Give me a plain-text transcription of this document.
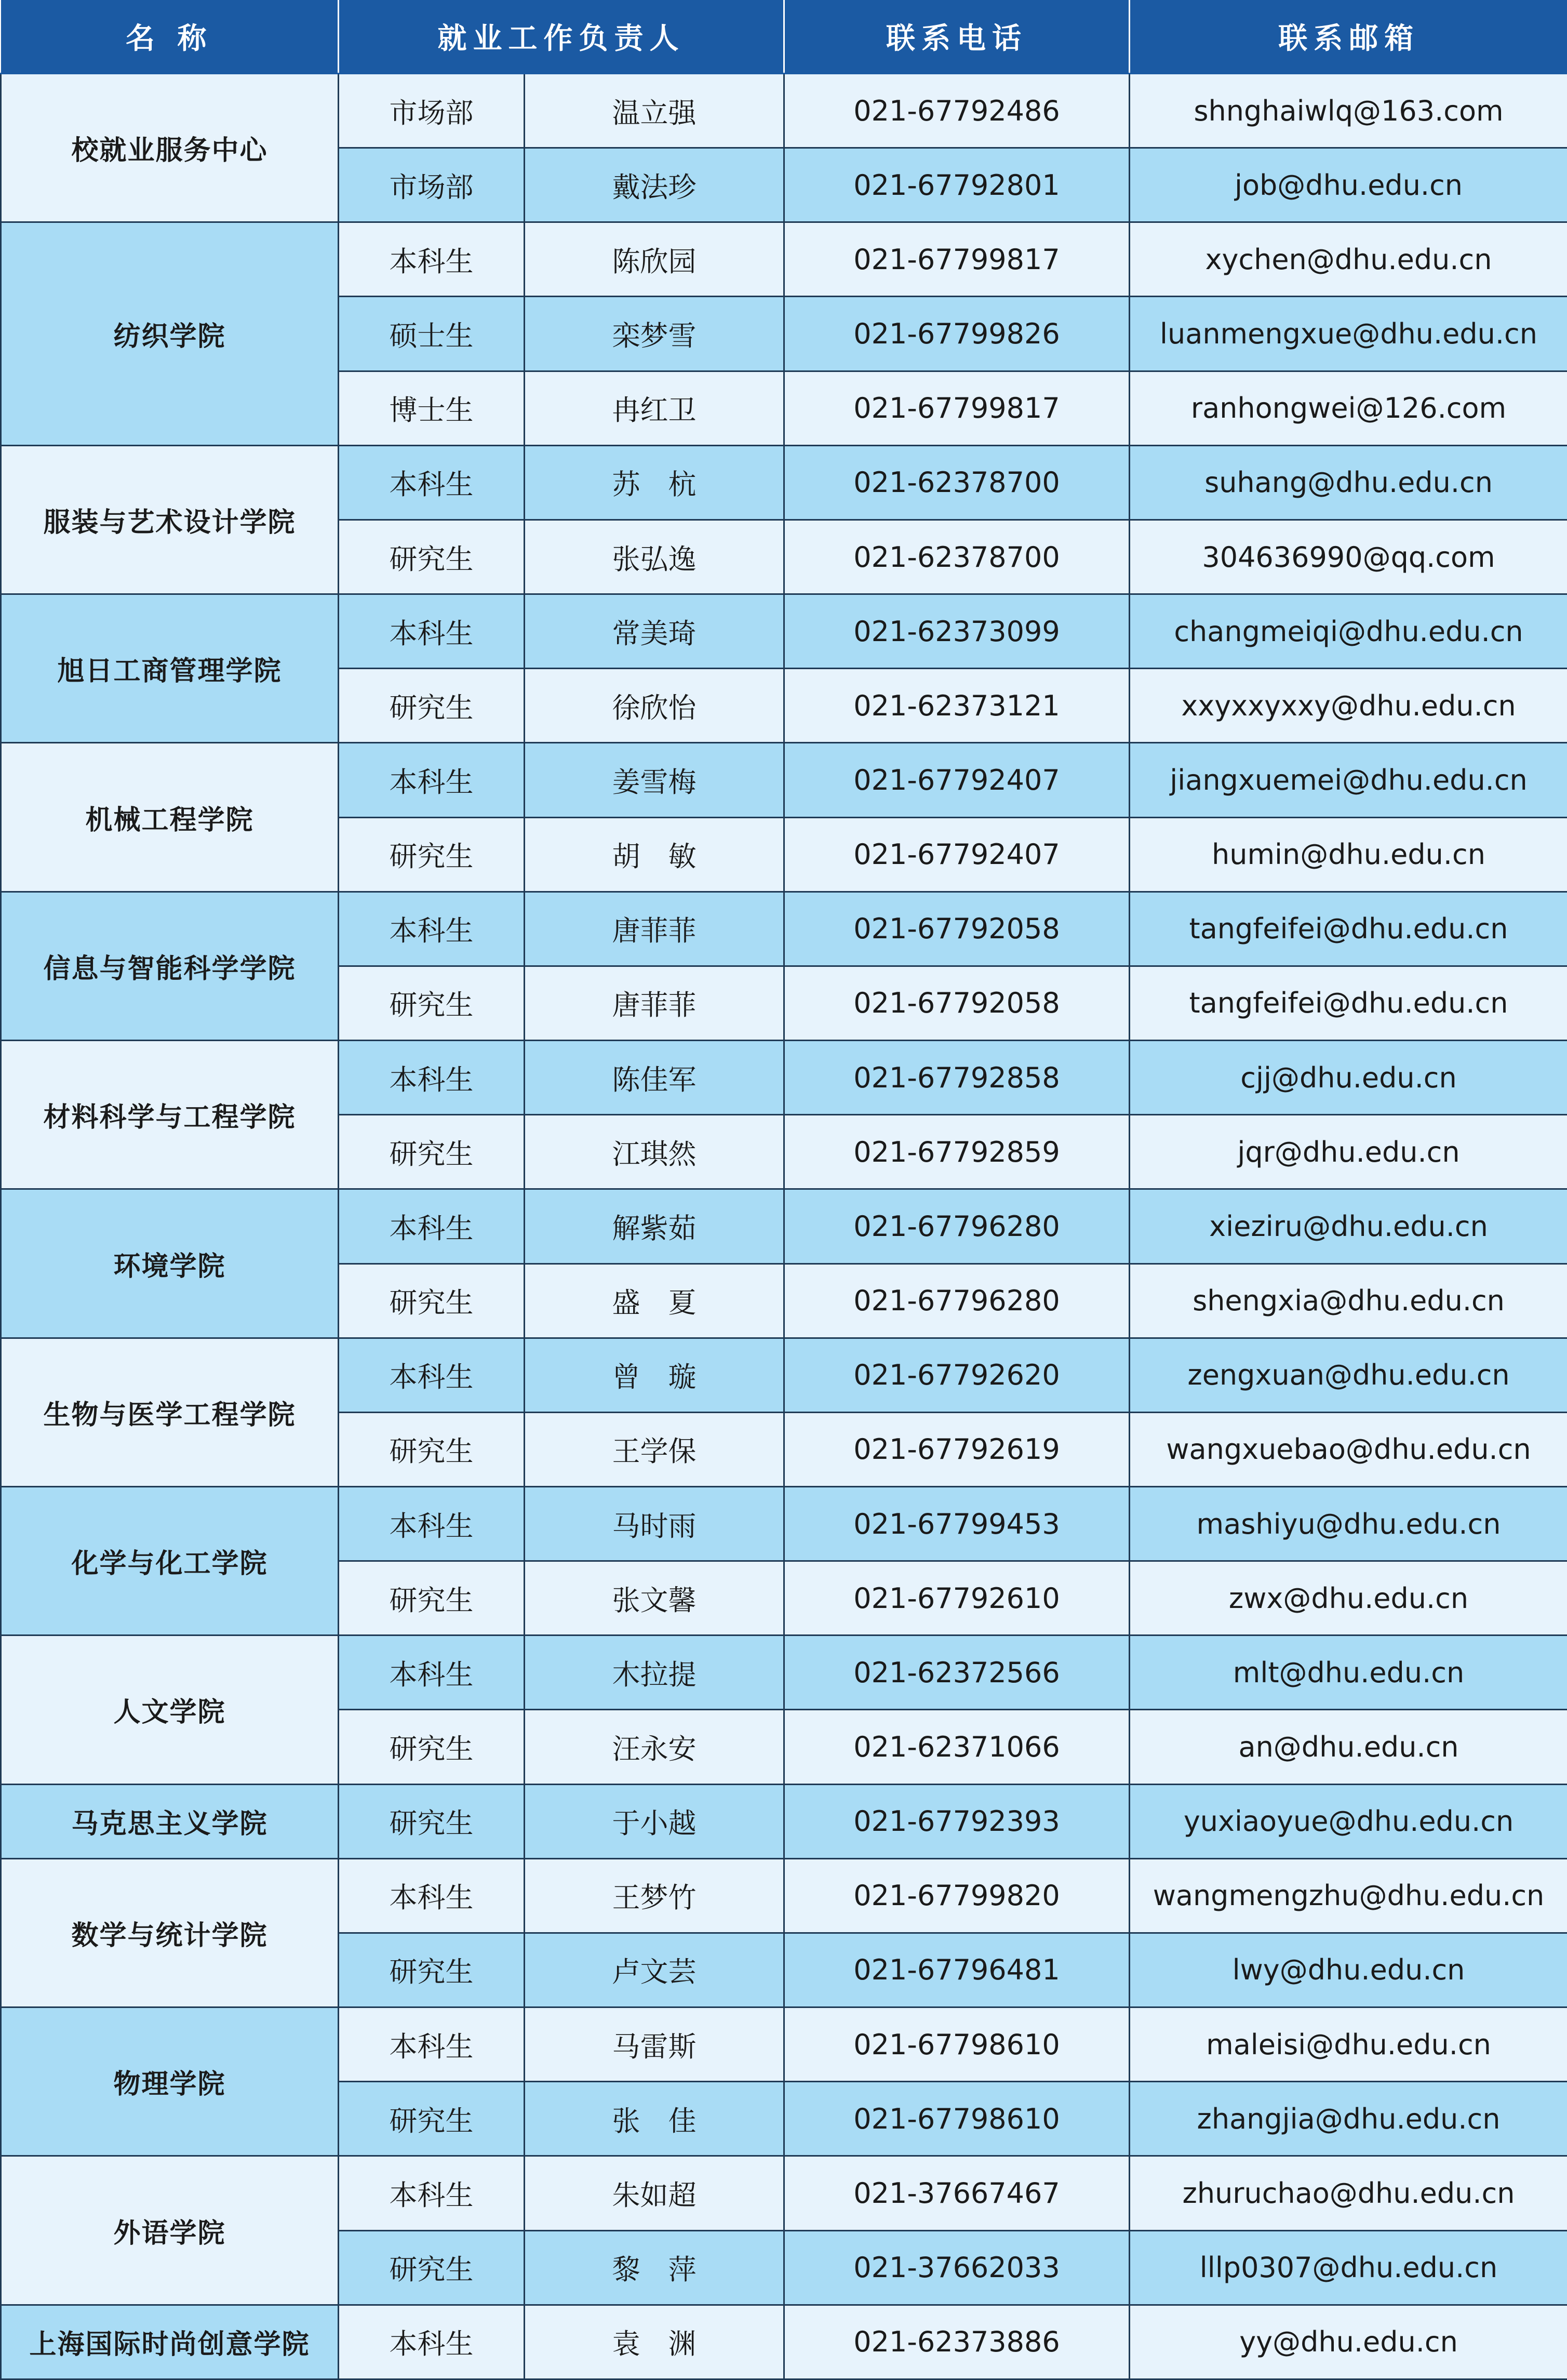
名 称	就业工作负责人		联系电话	联系邮箱
校就业服务中心	市场部	温立强	021-67792486	shnghaiwlq@163.com
	市场部	戴法珍	021-67792801	job@dhu.edu.cn
纺织学院	本科生	陈欣园	021-67799817	xychen@dhu.edu.cn
	硕士生	栾梦雪	021-67799826	luanmengxue@dhu.edu.cn
	博士生	冉红卫	021-67799817	ranhongwei@126.com
服装与艺术设计学院	本科生	苏　杭	021-62378700	suhang@dhu.edu.cn
	研究生	张弘逸	021-62378700	304636990@qq.com
旭日工商管理学院	本科生	常美琦	021-62373099	changmeiqi@dhu.edu.cn
	研究生	徐欣怡	021-62373121	xxyxxyxxy@dhu.edu.cn
机械工程学院	本科生	姜雪梅	021-67792407	jiangxuemei@dhu.edu.cn
	研究生	胡　敏	021-67792407	humin@dhu.edu.cn
信息与智能科学学院	本科生	唐菲菲	021-67792058	tangfeifei@dhu.edu.cn
	研究生	唐菲菲	021-67792058	tangfeifei@dhu.edu.cn
材料科学与工程学院	本科生	陈佳军	021-67792858	cjj@dhu.edu.cn
	研究生	江琪然	021-67792859	jqr@dhu.edu.cn
环境学院	本科生	解紫茹	021-67796280	xieziru@dhu.edu.cn
	研究生	盛　夏	021-67796280	shengxia@dhu.edu.cn
生物与医学工程学院	本科生	曾　璇	021-67792620	zengxuan@dhu.edu.cn
	研究生	王学保	021-67792619	wangxuebao@dhu.edu.cn
化学与化工学院	本科生	马时雨	021-67799453	mashiyu@dhu.edu.cn
	研究生	张文馨	021-67792610	zwx@dhu.edu.cn
人文学院	本科生	木拉提	021-62372566	mlt@dhu.edu.cn
	研究生	汪永安	021-62371066	an@dhu.edu.cn
马克思主义学院	研究生	于小越	021-67792393	yuxiaoyue@dhu.edu.cn
数学与统计学院	本科生	王梦竹	021-67799820	wangmengzhu@dhu.edu.cn
	研究生	卢文芸	021-67796481	lwy@dhu.edu.cn
物理学院	本科生	马雷斯	021-67798610	maleisi@dhu.edu.cn
	研究生	张　佳	021-67798610	zhangjia@dhu.edu.cn
外语学院	本科生	朱如超	021-37667467	zhuruchao@dhu.edu.cn
	研究生	黎　萍	021-37662033	lllp0307@dhu.edu.cn
上海国际时尚创意学院	本科生	袁　渊	021-62373886	yy@dhu.edu.cn
